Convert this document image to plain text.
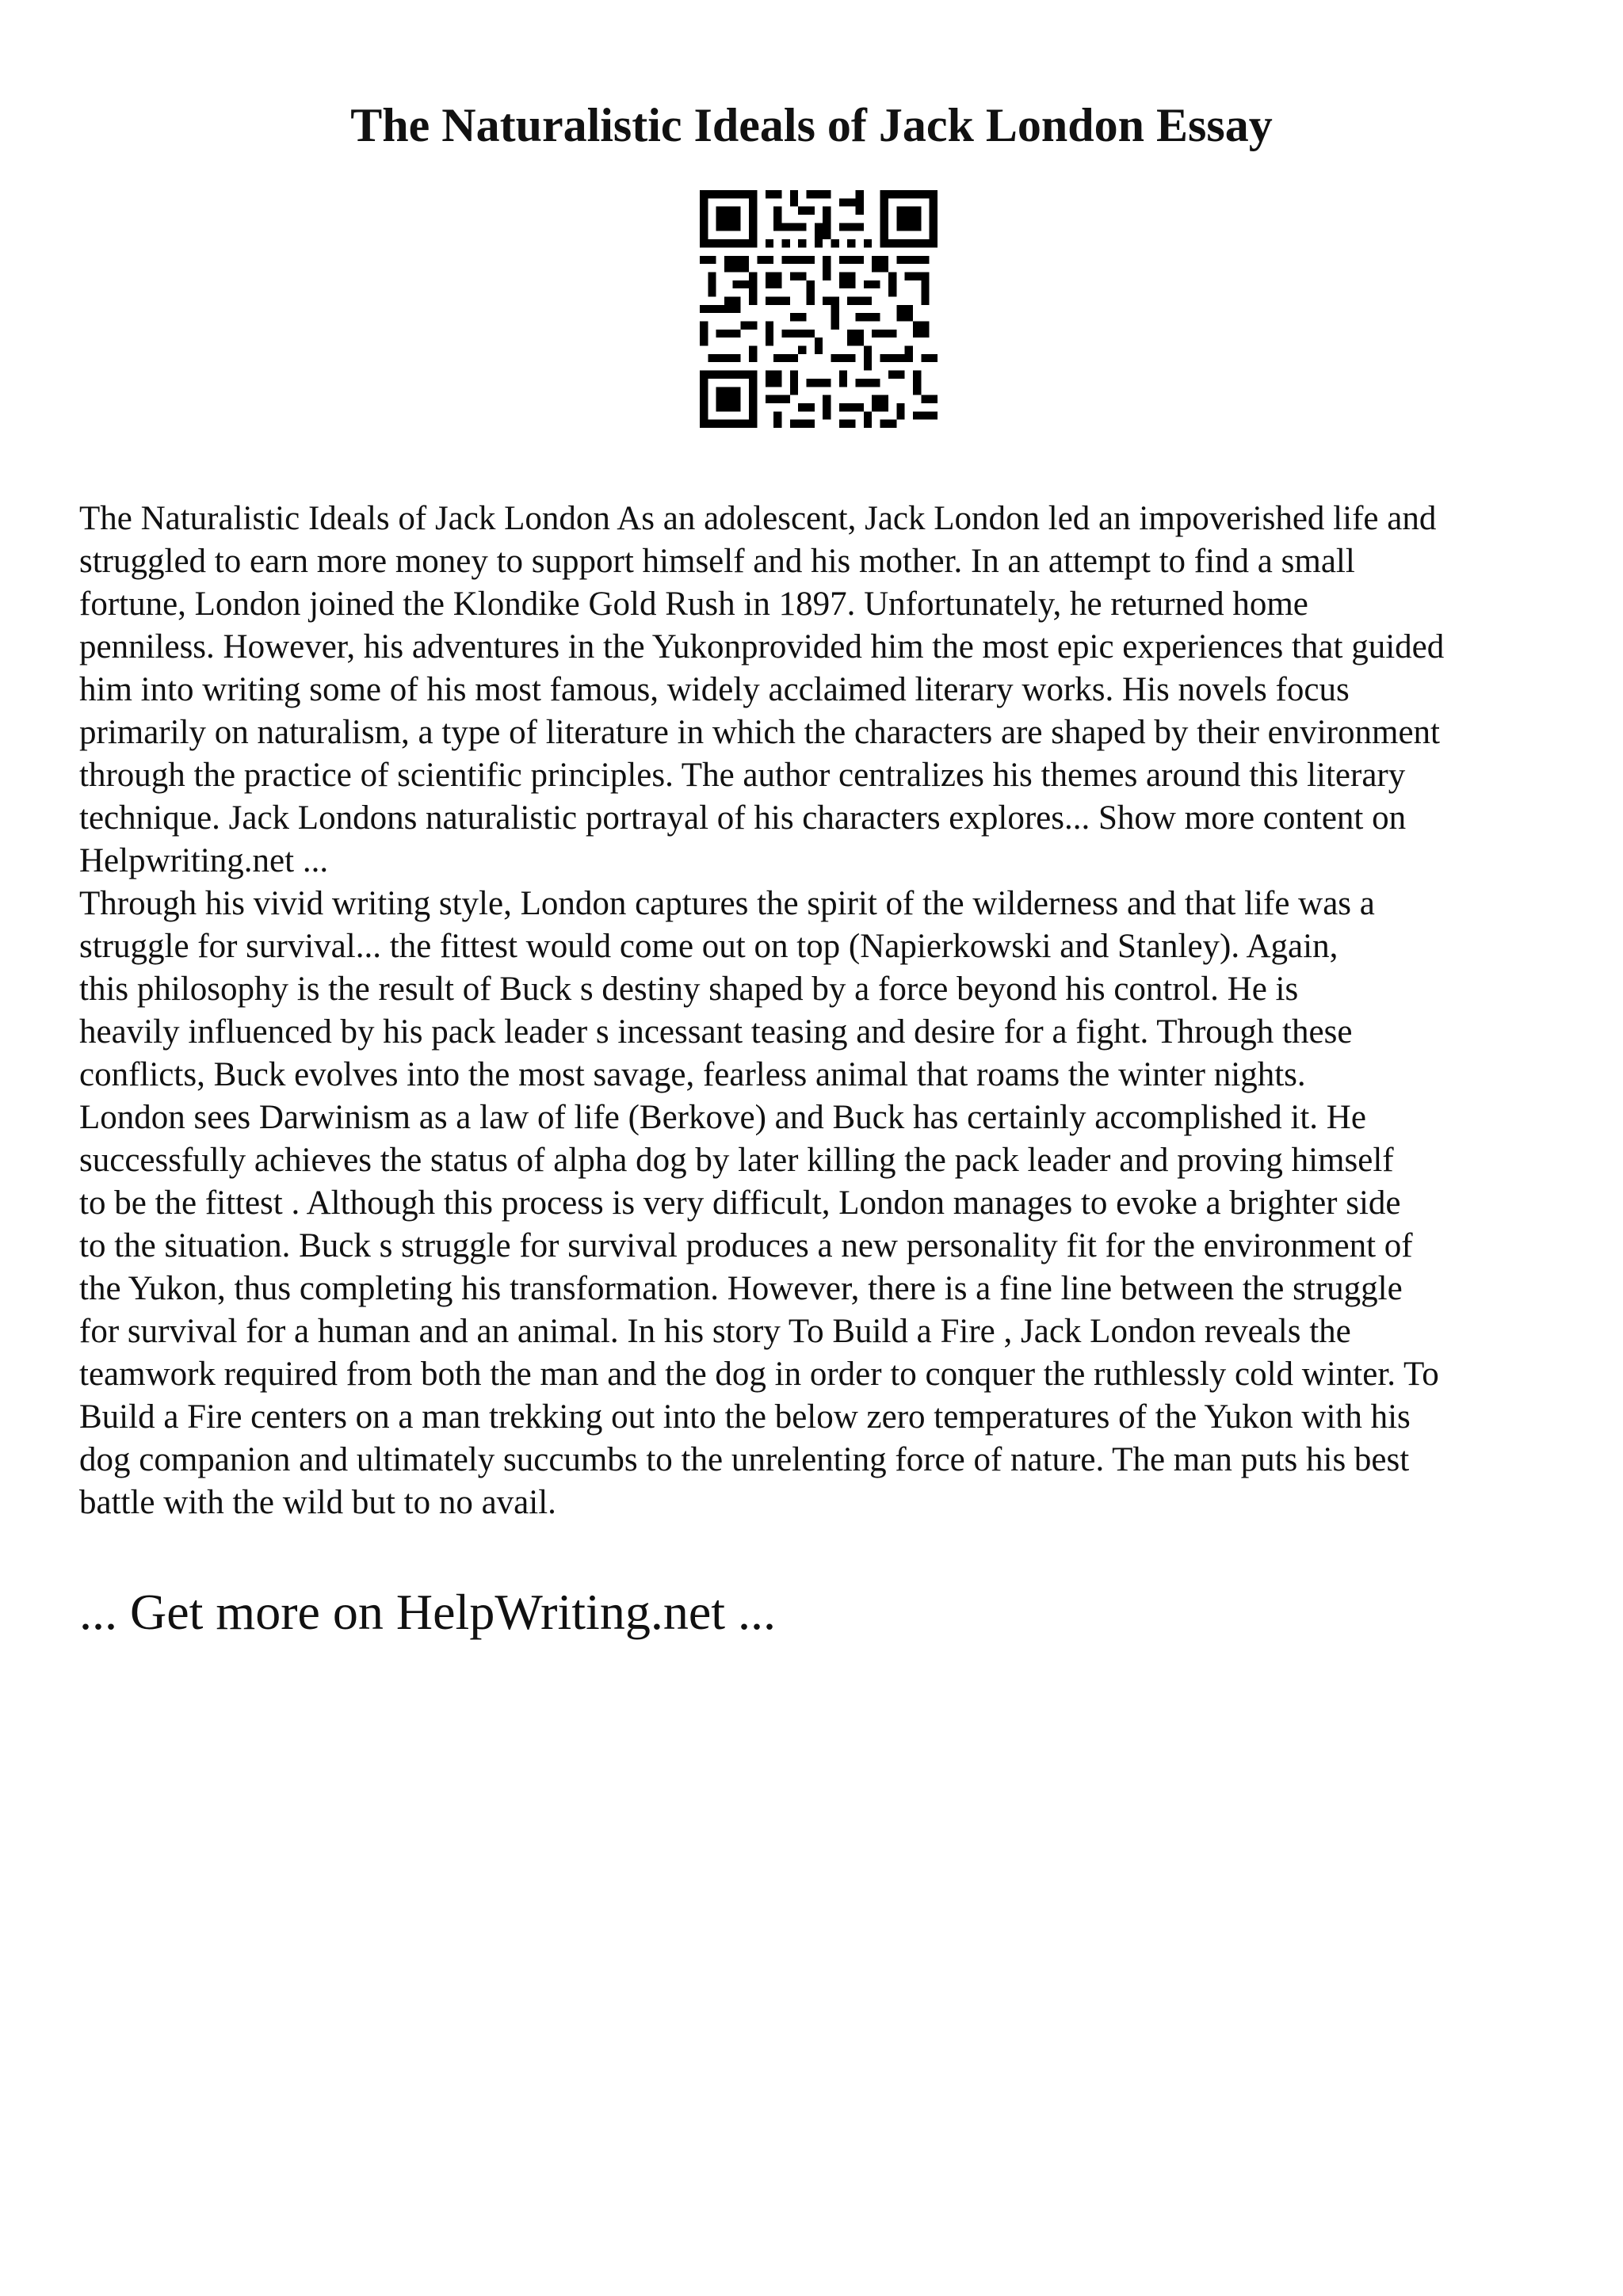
The Naturalistic Ideals of Jack London Essay

The Naturalistic Ideals of Jack London As an adolescent, Jack London led an impoverished life and
struggled to earn more money to support himself and his mother. In an attempt to find a small
fortune, London joined the Klondike Gold Rush in 1897. Unfortunately, he returned home
penniless. However, his adventures in the Yukonprovided him the most epic experiences that guided
him into writing some of his most famous, widely acclaimed literary works. His novels focus
primarily on naturalism, a type of literature in which the characters are shaped by their environment
through the practice of scientific principles. The author centralizes his themes around this literary
technique. Jack Londons naturalistic portrayal of his characters explores... Show more content on
Helpwriting.net ...

Through his vivid writing style, London captures the spirit of the wilderness and that life was a
struggle for survival... the fittest would come out on top (Napierkowski and Stanley). Again,
this philosophy is the result of Buck s destiny shaped by a force beyond his control. He is
heavily influenced by his pack leader s incessant teasing and desire for a fight. Through these
conflicts, Buck evolves into the most savage, fearless animal that roams the winter nights.
London sees Darwinism as a law of life (Berkove) and Buck has certainly accomplished it. He
successfully achieves the status of alpha dog by later killing the pack leader and proving himself
to be the fittest . Although this process is very difficult, London manages to evoke a brighter side
to the situation. Buck s struggle for survival produces a new personality fit for the environment of
the Yukon, thus completing his transformation. However, there is a fine line between the struggle
for survival for a human and an animal. In his story To Build a Fire , Jack London reveals the
teamwork required from both the man and the dog in order to conquer the ruthlessly cold winter. To
Build a Fire centers on a man trekking out into the below zero temperatures of the Yukon with his
dog companion and ultimately succumbs to the unrelenting force of nature. The man puts his best
battle with the wild but to no avail.

... Get more on HelpWriting.net ...
